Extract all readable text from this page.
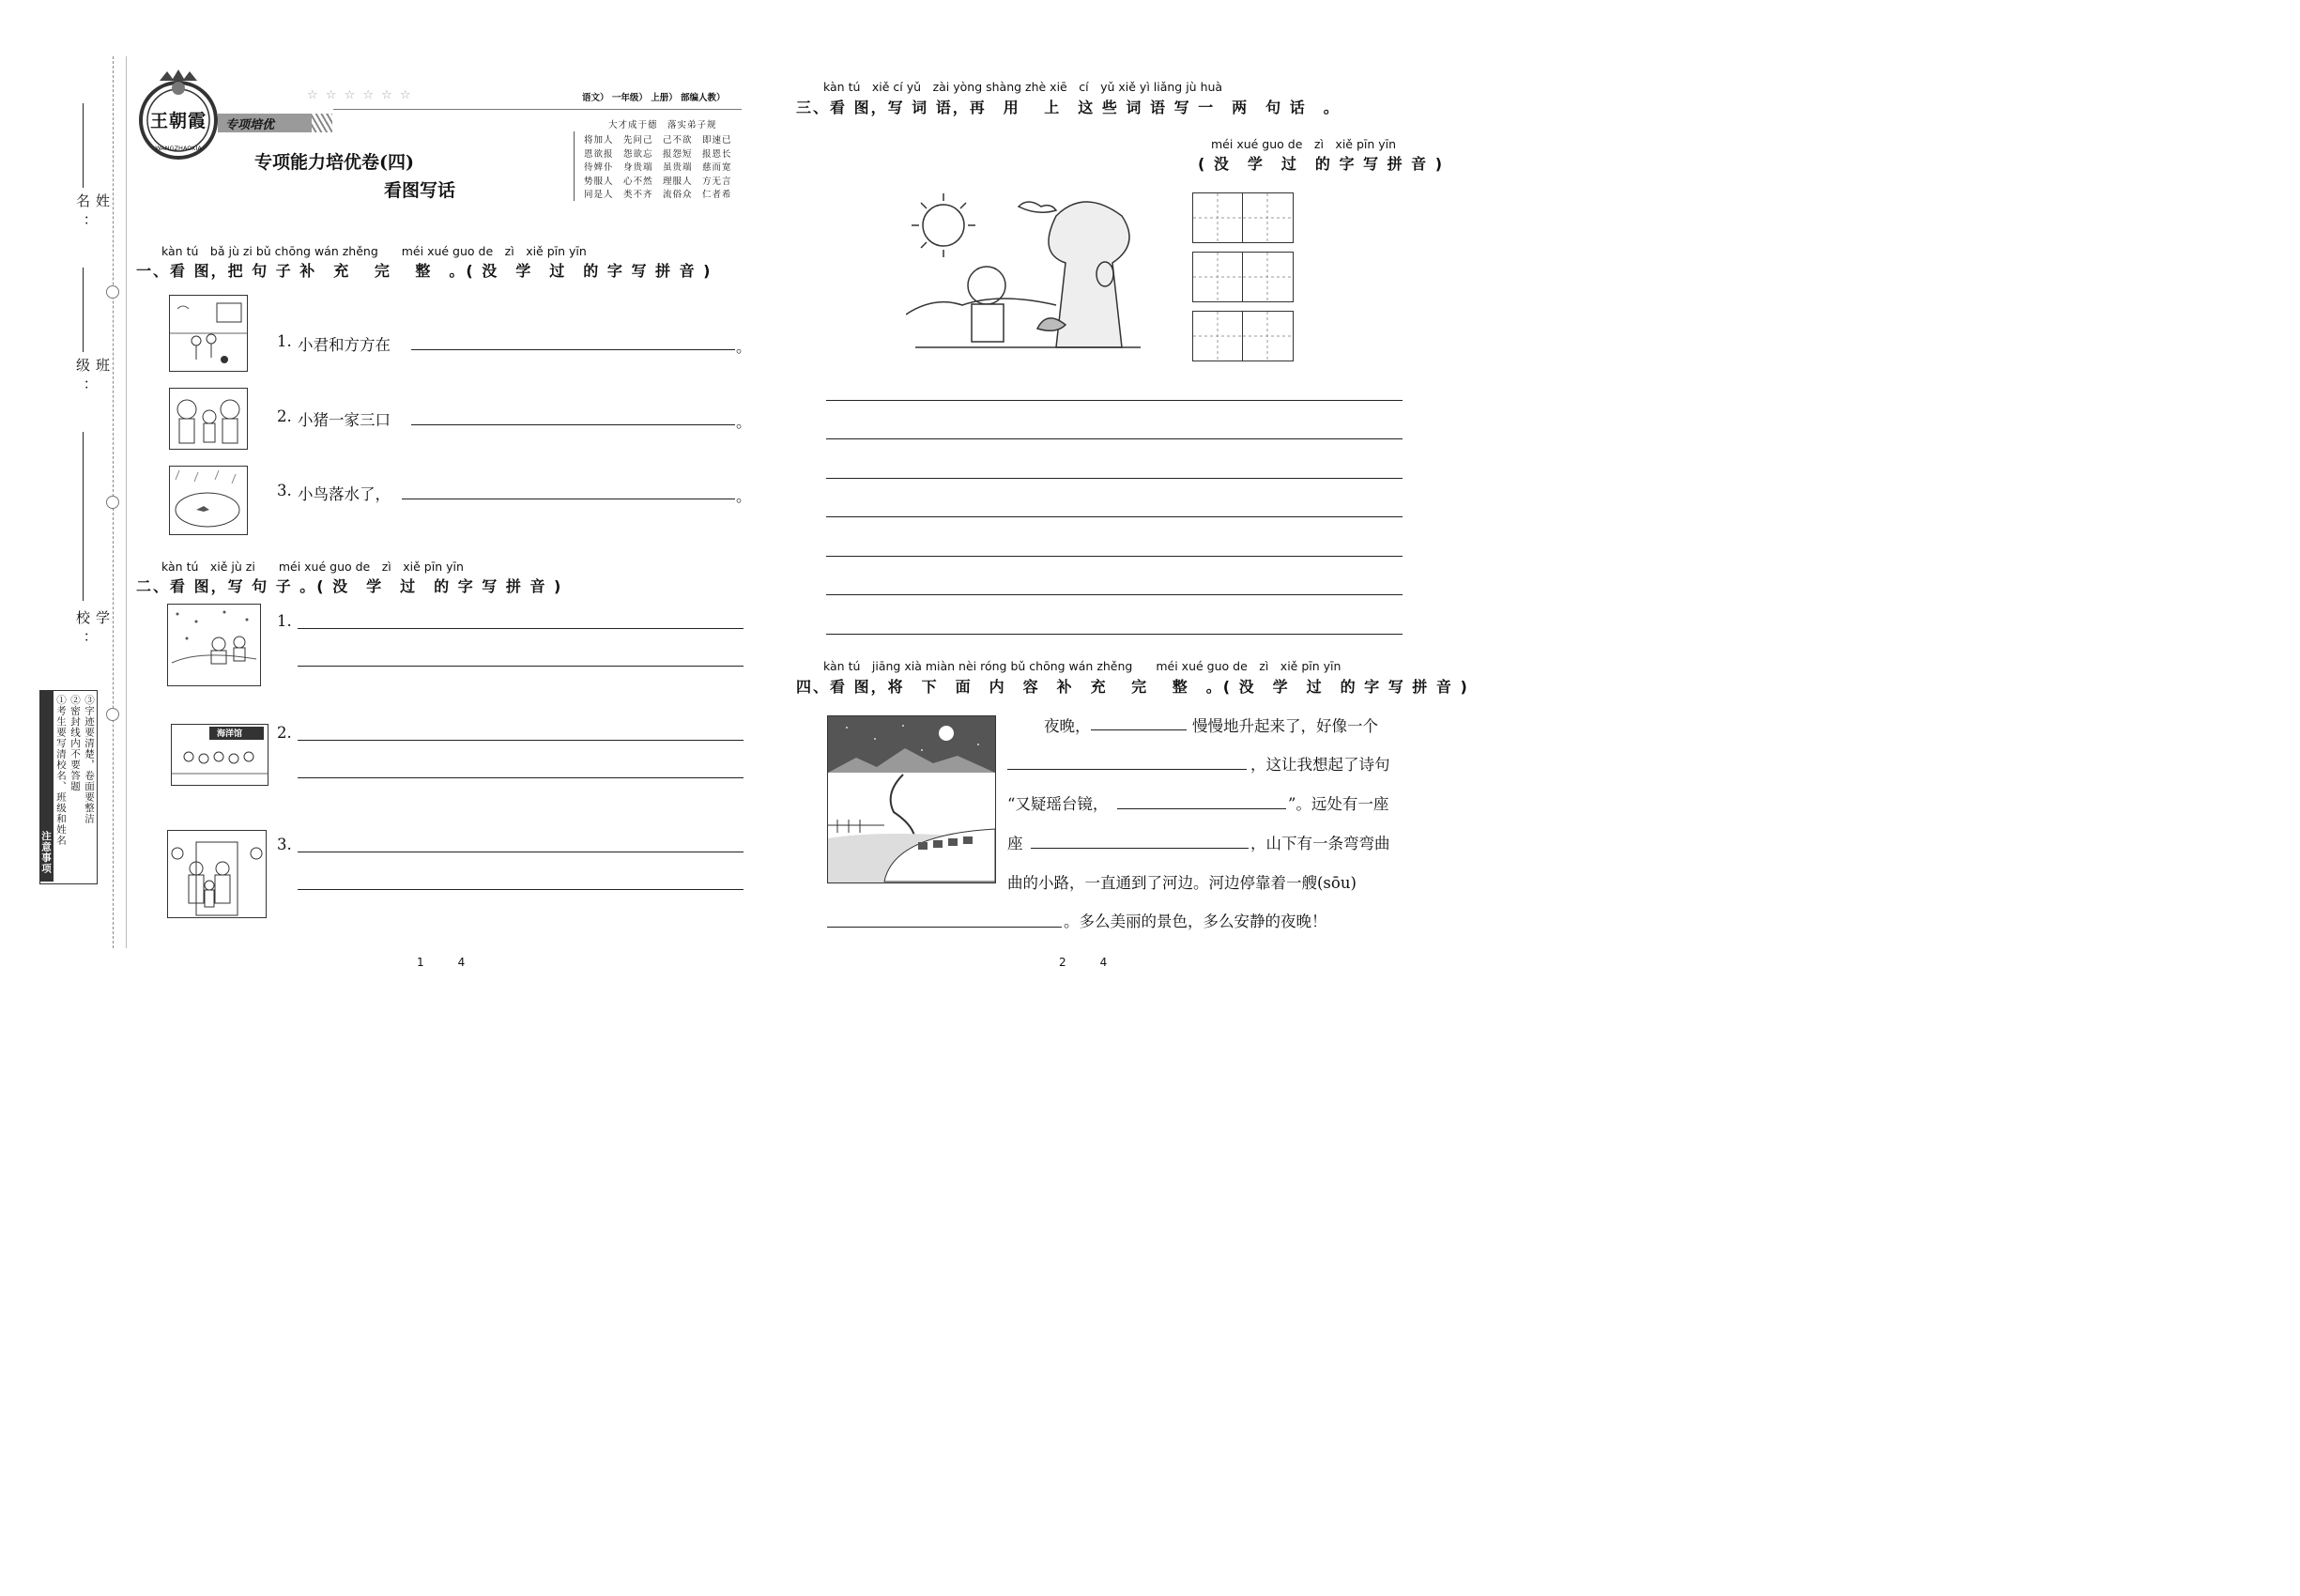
姓　名：
班　级：
学　校：
注意事项
①考生要写清校名、班级和姓名 ②密封线内不要答题 ③字迹要清楚，卷面要整洁
王朝霞
WANGZHAOXIA
专项培优
☆ ☆ ☆ ☆ ☆ ☆	语文） 一年级） 上册） 部编人教）
专项能力培优卷(四)
看图写话
大才成于德　落实弟子规
将加人　先问己　己不欲　即速已
恩欲报　怨欲忘　报怨短　报恩长
待婢仆　身贵端　虽贵端　慈而宽
势服人　心不然　理服人　方无言
同是人　类不齐　流俗众　仁者希
kàn tú　bǎ jù zi bǔ chōng wán zhěng　　méi xué guo de　zì　xiě pīn yīn
一、看 图，把 句 子 补　充　 完　 整　。( 没　学　过　的 字 写 拼 音 )
1. 小君和方方在	。
2. 小猪一家三口	。
3. 小鸟落水了，	。
kàn tú　xiě jù zi　　méi xué guo de　zì　xiě pīn yīn
二、看 图，写 句 子 。( 没　学　过　的 字 写 拼 音 )
1.
海洋馆 2.
3.
1　　　4
kàn tú　xiě cí yǔ　zài yòng shàng zhè xiē　cí　yǔ xiě yì liǎng jù huà
三、看 图，写 词 语，再　用　 上　这 些 词 语 写 一　两　句 话　。
méi xué guo de　zì　xiě pīn yīn
( 没　学　过　的 字 写 拼 音 )
kàn tú　jiāng xià miàn nèi róng bǔ chōng wán zhěng　　méi xué guo de　zì　xiě pīn yīn
四、看 图，将　下　面　内　容　补　充　 完　 整　。( 没　学　过　的 字 写 拼 音 )
夜晚，	慢慢地升起来了，好像一个
，这让我想起了诗句
“又疑瑶台镜，	”。远处有一座
座	，山下有一条弯弯曲
曲的小路，一直通到了河边。河边停靠着一艘(sōu)
。多么美丽的景色，多么安静的夜晚！
2　　　4
